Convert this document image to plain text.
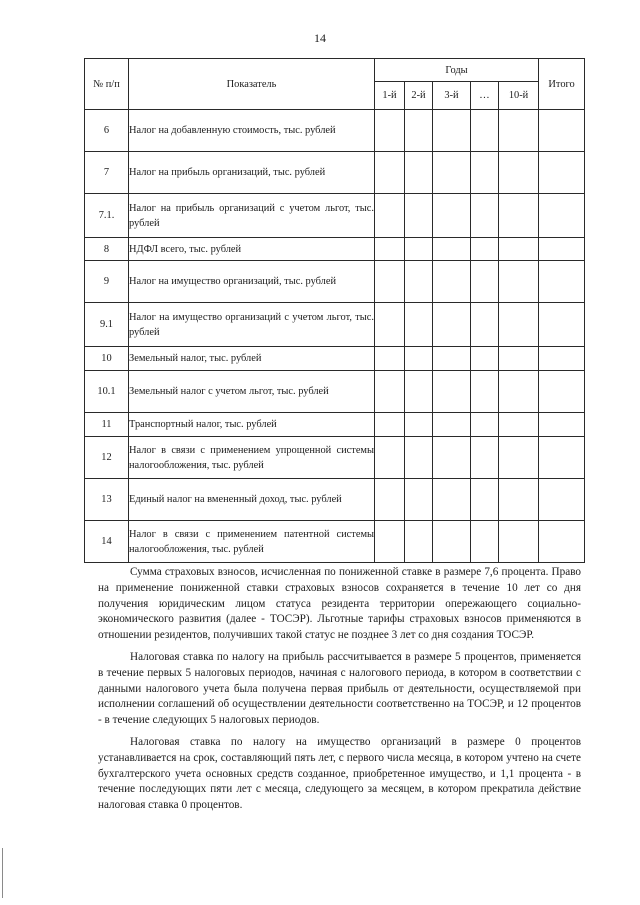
14
№ п/п	Показатель	Годы					Итого
		1-й	2-й	3-й	…	10-й	
6	Налог на добавленную стоимость, тыс. рублей						
7	Налог на прибыль организаций, тыс. рублей						
7.1.	Налог на прибыль организаций с учетом льгот, тыс. рублей						
8	НДФЛ всего, тыс. рублей						
9	Налог на имущество организаций, тыс. рублей						
9.1	Налог на имущество организаций с учетом льгот, тыс. рублей						
10	Земельный налог, тыс. рублей						
10.1	Земельный налог с учетом льгот, тыс. рублей						
11	Транспортный налог, тыс. рублей						
12	Налог в связи с применением упрощенной системы налогообложения, тыс. рублей						
13	Единый налог на вмененный доход, тыс. рублей						
14	Налог в связи с применением патентной системы налогообложения, тыс. рублей						

Сумма страховых взносов, исчисленная по пониженной ставке в размере 7,6 процента. Право на применение пониженной ставки страховых взносов сохраняется в течение 10 лет со дня получения юридическим лицом статуса резидента территории опережающего социально-экономического развития (далее - ТОСЭР). Льготные тарифы страховых взносов применяются в отношении резидентов, получивших такой статус не позднее 3 лет со дня создания ТОСЭР.

Налоговая ставка по налогу на прибыль рассчитывается в размере 5 процентов, применяется в течение первых 5 налоговых периодов, начиная с налогового периода, в котором в соответствии с данными налогового учета была получена первая прибыль от деятельности, осуществляемой при исполнении соглашений об осуществлении деятельности соответственно на ТОСЭР, и 12 процентов - в течение следующих 5 налоговых периодов.

Налоговая ставка по налогу на имущество организаций в размере 0 процентов устанавливается на срок, составляющий пять лет, с первого числа месяца, в котором учтено на счете бухгалтерского учета основных средств созданное, приобретенное имущество, и 1,1 процента - в течение последующих пяти лет с месяца, следующего за месяцем, в котором прекратила действие налоговая ставка 0 процентов.
